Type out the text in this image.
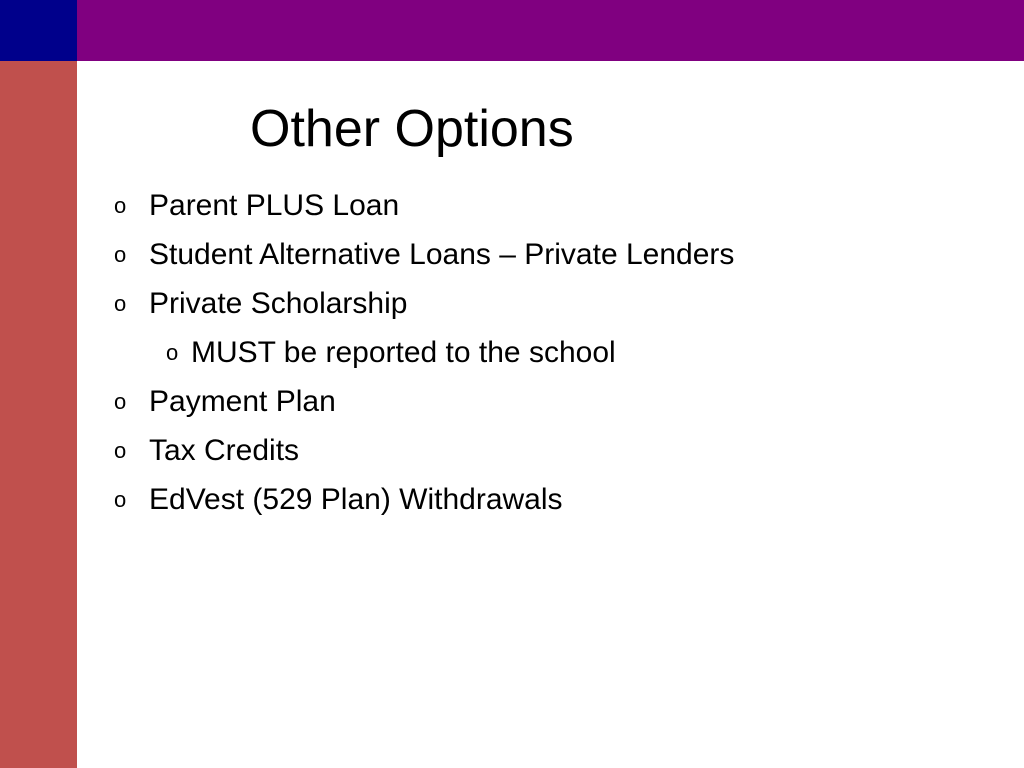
Other Options
o Parent PLUS Loan
o Student Alternative Loans – Private Lenders
o Private Scholarship
o MUST be reported to the school
o Payment Plan
o Tax Credits
o EdVest (529 Plan) Withdrawals
